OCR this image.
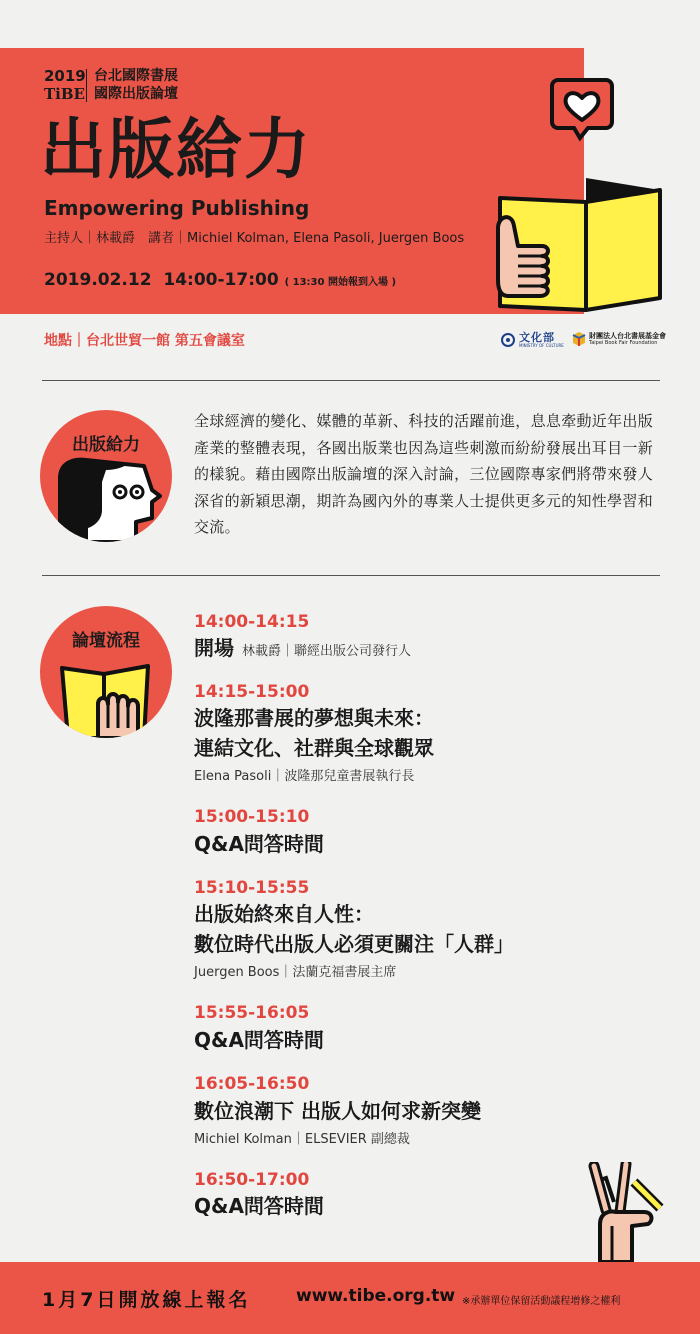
2019
TiBE
台北國際書展
國際出版論壇
出版給力
Empowering Publishing
主持人｜林載爵　講者｜Michiel Kolman, Elena Pasoli, Juergen Boos
2019.02.12 14:00-17:00 ( 13:30 開始報到入場 )
地點｜台北世貿一館 第五會議室	文化部
MINISTRY OF CULTURE
財團法人台北書展基金會
Taipei Book Fair Foundation
出版給力
全球經濟的變化、媒體的革新、科技的活躍前進，息息牽動近年出版產業的整體表現，各國出版業也因為這些刺激而紛紛發展出耳目一新的樣貌。藉由國際出版論壇的深入討論，三位國際專家們將帶來發人深省的新穎思潮，期許為國內外的專業人士提供更多元的知性學習和交流。
論壇流程
14:00-14:15
開場 林載爵｜聯經出版公司發行人
14:15-15:00
波隆那書展的夢想與未來：
連結文化、社群與全球觀眾
Elena Pasoli｜波隆那兒童書展執行長
15:00-15:10
Q&A問答時間
15:10-15:55
出版始終來自人性：
數位時代出版人必須更關注「人群」
Juergen Boos｜法蘭克福書展主席
15:55-16:05
Q&A問答時間
16:05-16:50
數位浪潮下 出版人如何求新突變
Michiel Kolman｜ELSEVIER 副總裁
16:50-17:00
Q&A問答時間
1月7日開放線上報名	www.tibe.org.tw ※承辦單位保留活動議程增修之權利
